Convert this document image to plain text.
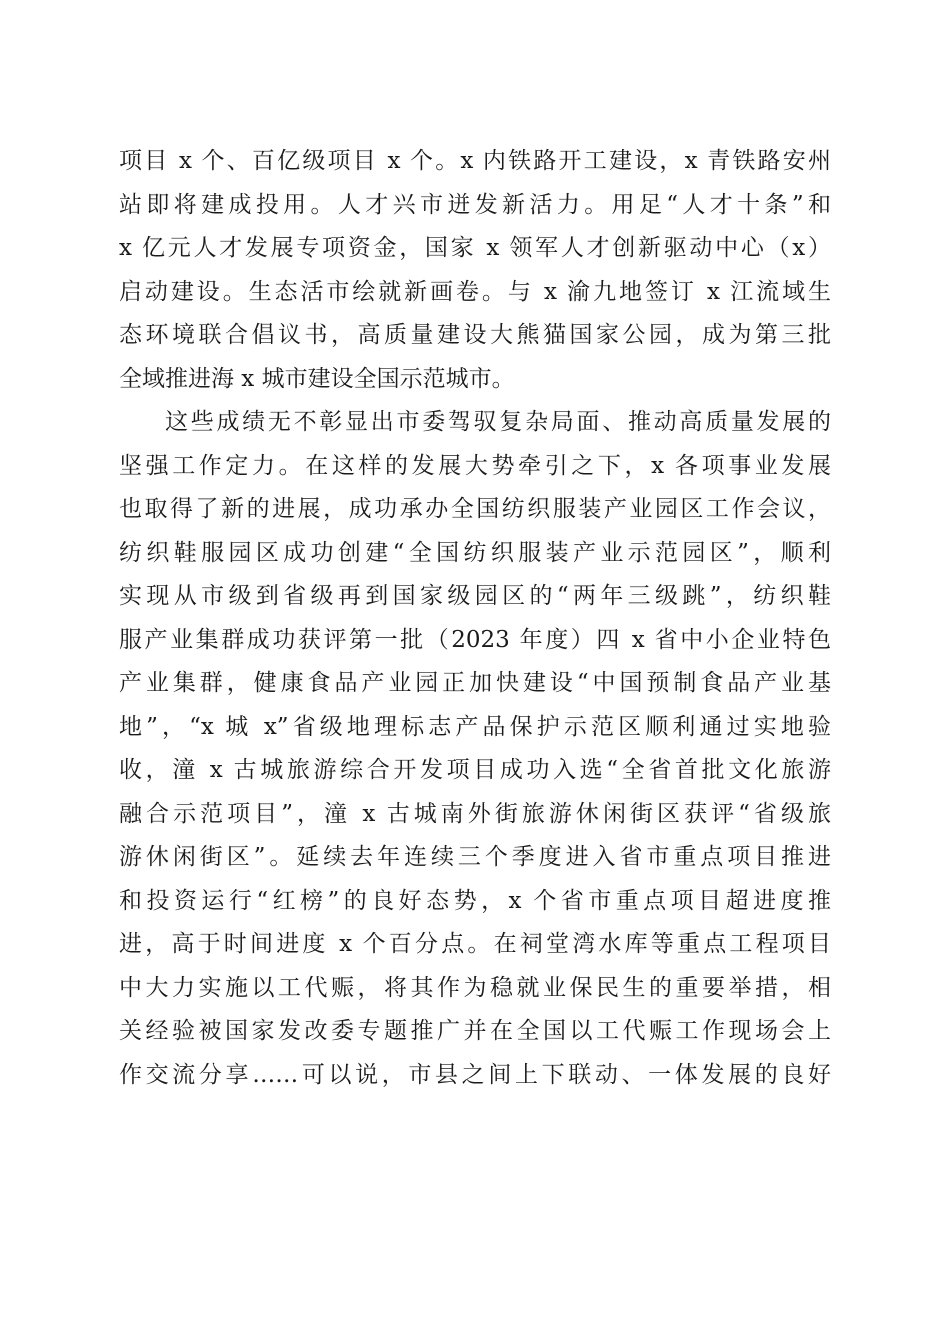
项目 x 个、百亿级项目 x 个。x 内铁路开工建设，x 青铁路安州
站即将建成投用。人才兴市迸发新活力。用足“人才十条”和
x 亿元人才发展专项资金，国家 x 领军人才创新驱动中心（x）
启动建设。生态活市绘就新画卷。与 x 渝九地签订 x 江流域生
态环境联合倡议书，高质量建设大熊猫国家公园，成为第三批
全域推进海 x 城市建设全国示范城市。
这些成绩无不彰显出市委驾驭复杂局面、推动高质量发展的
坚强工作定力。在这样的发展大势牵引之下，x 各项事业发展
也取得了新的进展，成功承办全国纺织服装产业园区工作会议，
纺织鞋服园区成功创建“全国纺织服装产业示范园区”，顺利
实现从市级到省级再到国家级园区的“两年三级跳”，纺织鞋
服产业集群成功获评第一批（2023 年度）四 x 省中小企业特色
产业集群，健康食品产业园正加快建设“中国预制食品产业基
地”，“x 城 x”省级地理标志产品保护示范区顺利通过实地验
收，潼 x 古城旅游综合开发项目成功入选“全省首批文化旅游
融合示范项目”，潼 x 古城南外街旅游休闲街区获评“省级旅
游休闲街区”。延续去年连续三个季度进入省市重点项目推进
和投资运行“红榜”的良好态势，x 个省市重点项目超进度推
进，高于时间进度 x 个百分点。在祠堂湾水库等重点工程项目
中大力实施以工代赈，将其作为稳就业保民生的重要举措，相
关经验被国家发改委专题推广并在全国以工代赈工作现场会上
作交流分享……可以说，市县之间上下联动、一体发展的良好
